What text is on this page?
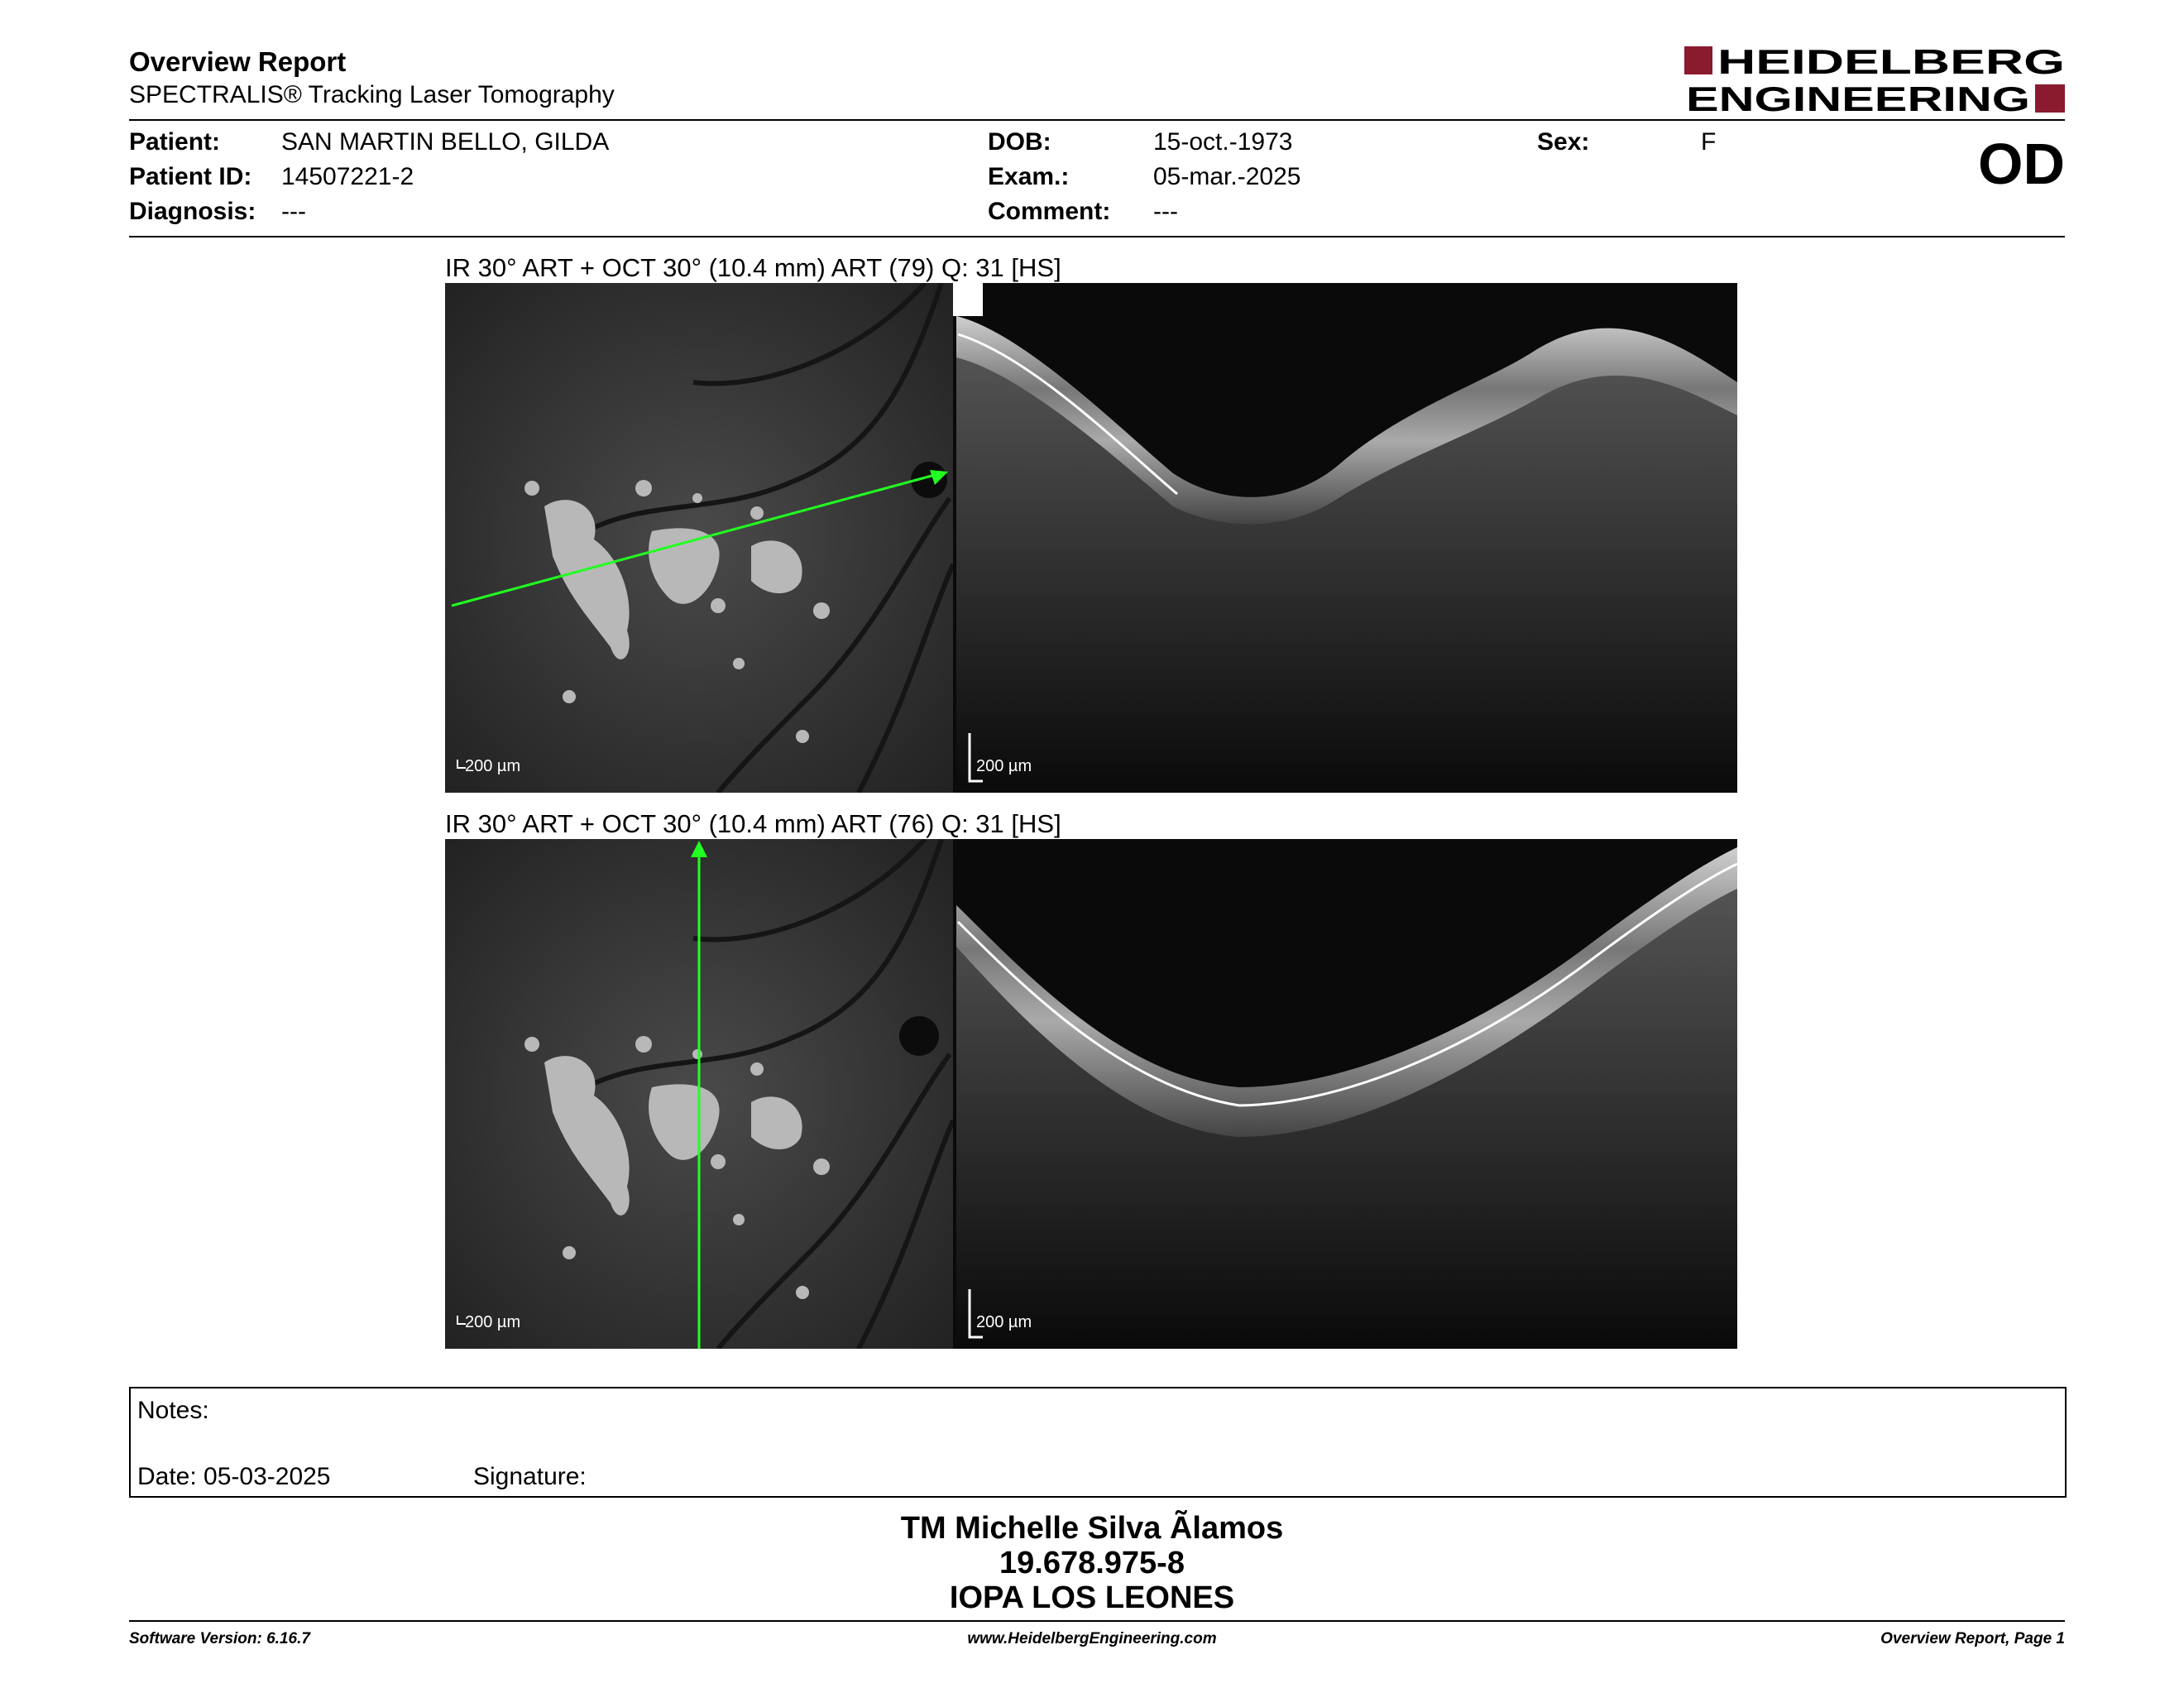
Overview Report
SPECTRALIS® Tracking Laser Tomography
HEIDELBERG
ENGINEERING
Patient: SAN MARTIN BELLO, GILDA
Patient ID: 14507221-2
Diagnosis: ---
DOB:	15-oct.-1973
Exam.:	05-mar.-2025
Comment: ---
Sex:	F	OD
IR 30° ART + OCT 30° (10.4 mm) ART (79) Q: 31 [HS]
200 µm	200 µm
IR 30° ART + OCT 30° (10.4 mm) ART (76) Q: 31 [HS]
200 µm	200 µm
Notes:
Date: 05-03-2025	Signature:
TM Michelle Silva Ãlamos
19.678.975-8
IOPA LOS LEONES
Software Version: 6.16.7	www.HeidelbergEngineering.com	Overview Report, Page 1
